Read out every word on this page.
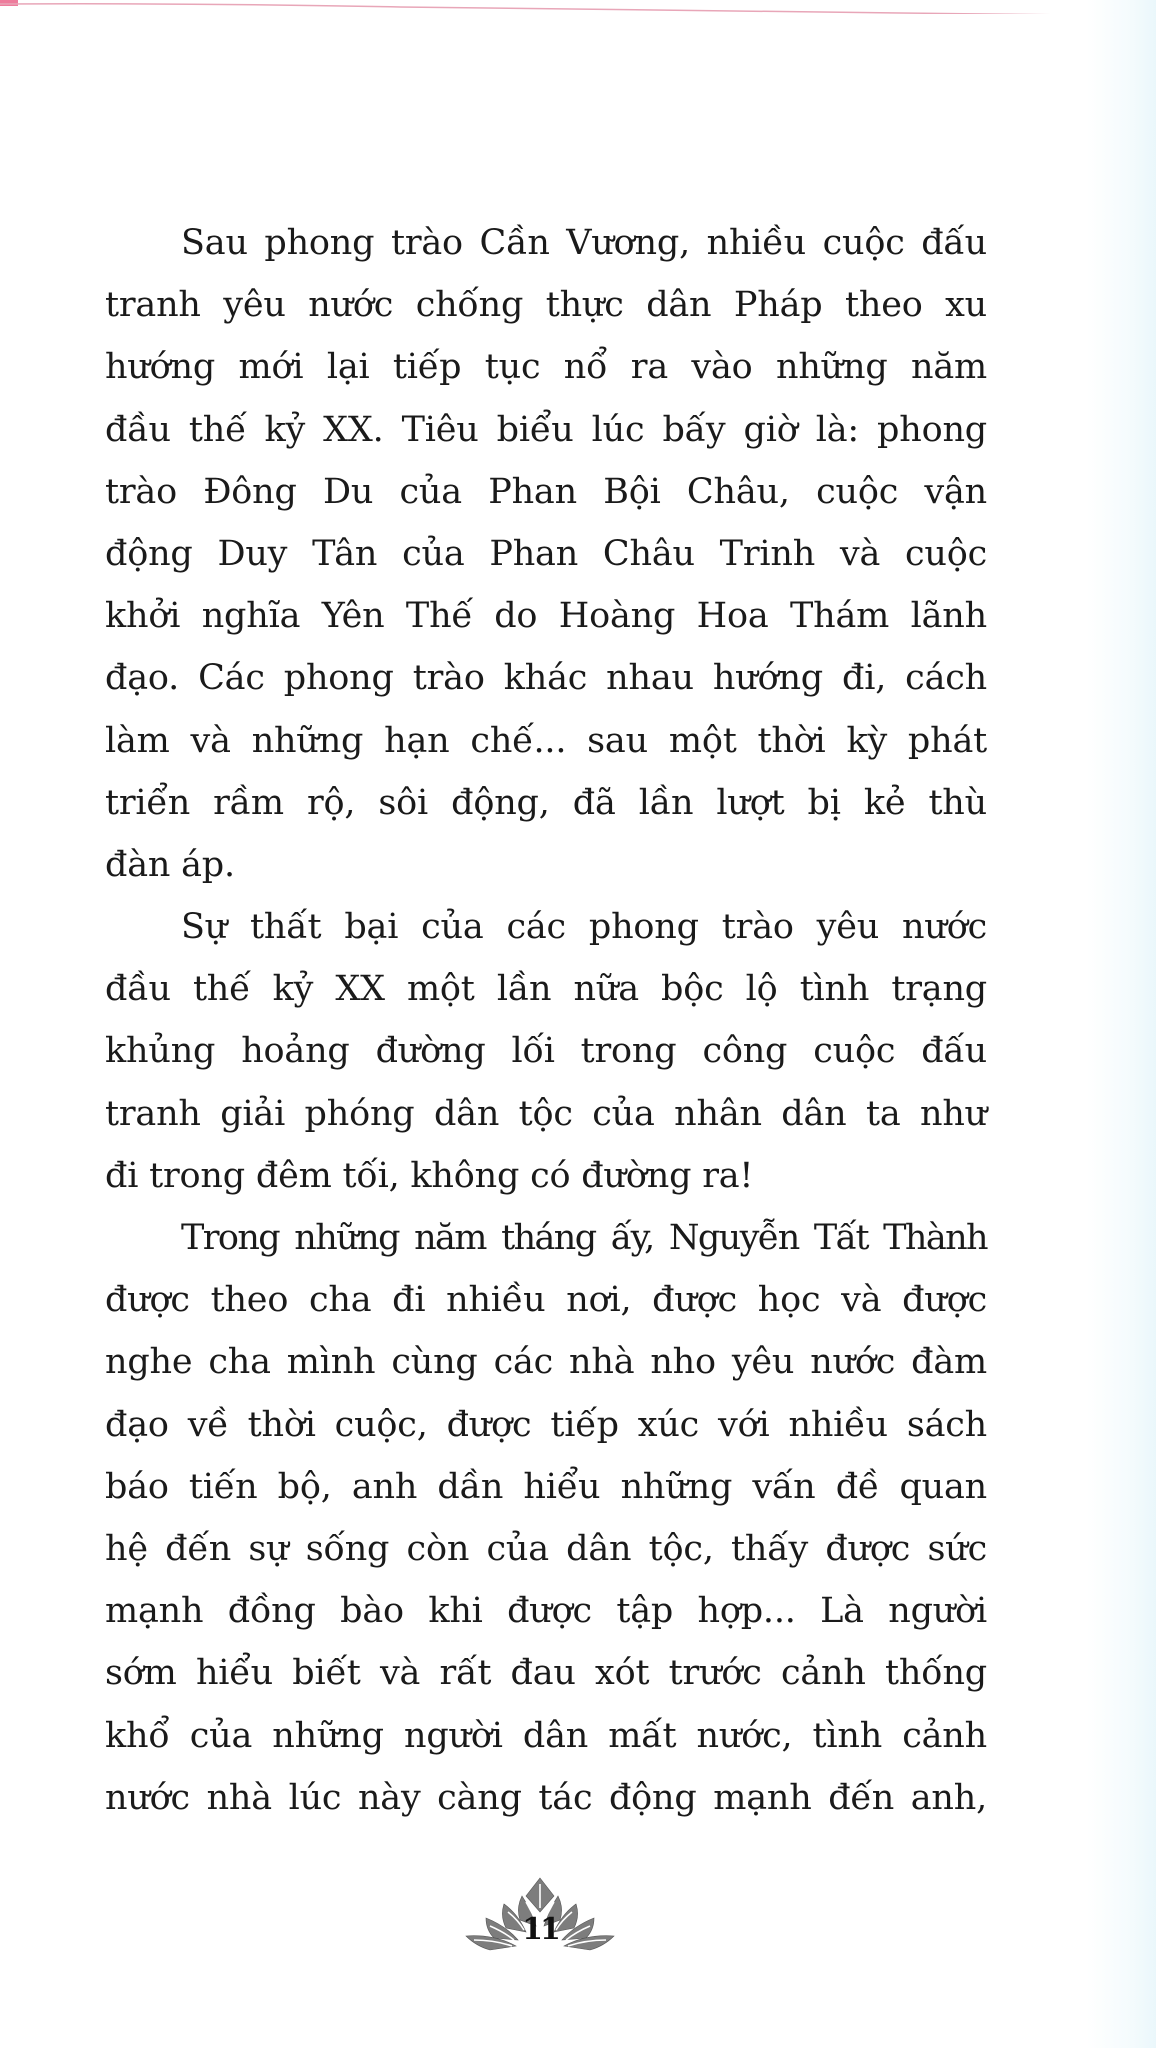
Sau phong trào Cần Vương, nhiều cuộc đấu
tranh yêu nước chống thực dân Pháp theo xu
hướng mới lại tiếp tục nổ ra vào những năm
đầu thế kỷ XX. Tiêu biểu lúc bấy giờ là: phong
trào Đông Du của Phan Bội Châu, cuộc vận
động Duy Tân của Phan Châu Trinh và cuộc
khởi nghĩa Yên Thế do Hoàng Hoa Thám lãnh
đạo. Các phong trào khác nhau hướng đi, cách
làm và những hạn chế... sau một thời kỳ phát
triển rầm rộ, sôi động, đã lần lượt bị kẻ thù
đàn áp.
Sự thất bại của các phong trào yêu nước
đầu thế kỷ XX một lần nữa bộc lộ tình trạng
khủng hoảng đường lối trong công cuộc đấu
tranh giải phóng dân tộc của nhân dân ta như
đi trong đêm tối, không có đường ra!
Trong những năm tháng ấy, Nguyễn Tất Thành
được theo cha đi nhiều nơi, được học và được
nghe cha mình cùng các nhà nho yêu nước đàm
đạo về thời cuộc, được tiếp xúc với nhiều sách
báo tiến bộ, anh dần hiểu những vấn đề quan
hệ đến sự sống còn của dân tộc, thấy được sức
mạnh đồng bào khi được tập hợp... Là người
sớm hiểu biết và rất đau xót trước cảnh thống
khổ của những người dân mất nước, tình cảnh
nước nhà lúc này càng tác động mạnh đến anh,
11
